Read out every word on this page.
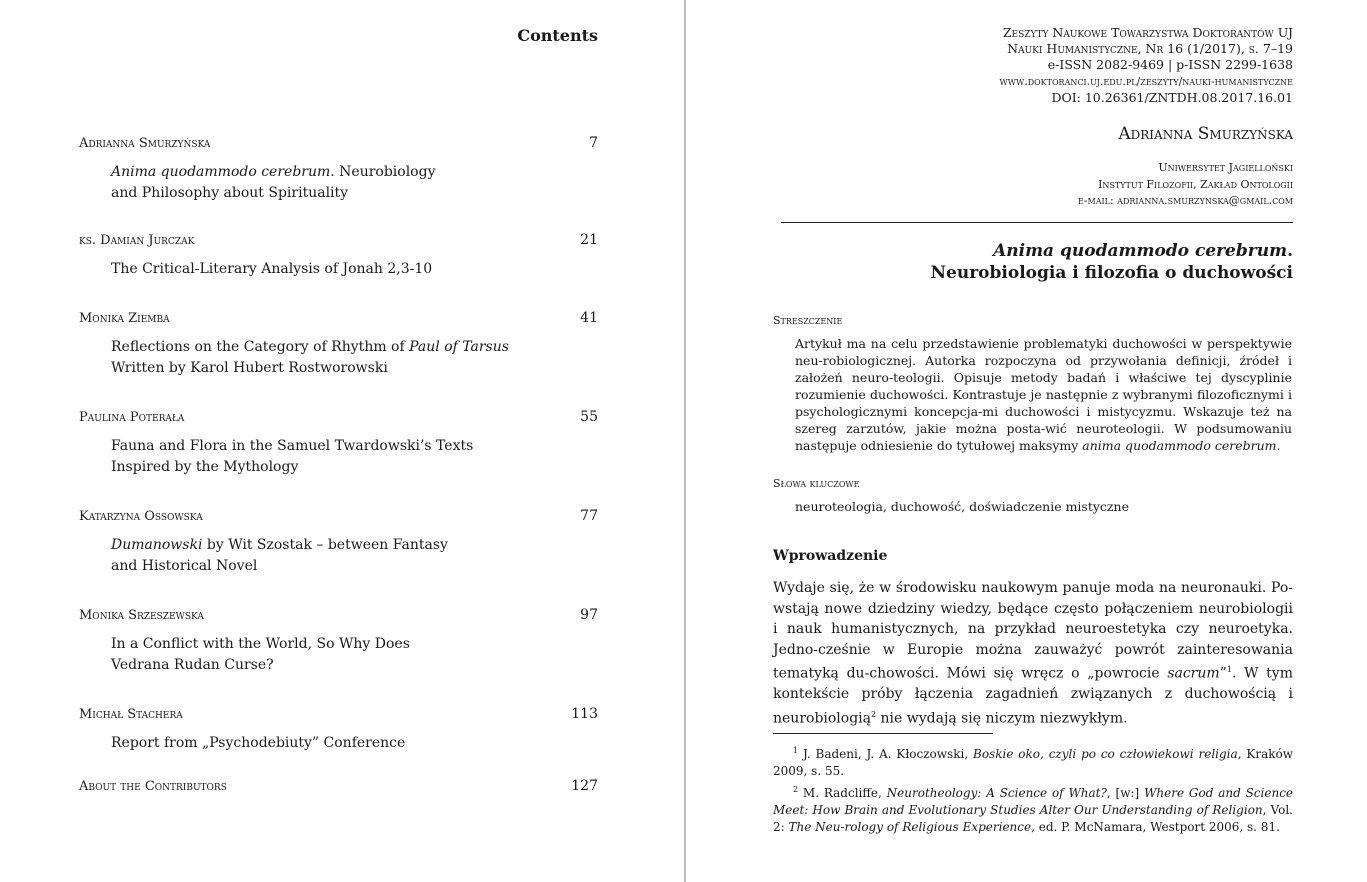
Contents
Adrianna Smurzyńska	7
Anima quodammodo cerebrum. Neurobiology
and Philosophy about Spirituality
ks. Damian Jurczak	21
The Critical-Literary Analysis of Jonah 2,3-10
Monika Ziemba	41
Reflections on the Category of Rhythm of Paul of Tarsus
Written by Karol Hubert Rostworowski
Paulina Poterała	55
Fauna and Flora in the Samuel Twardowski’s Texts
Inspired by the Mythology
Katarzyna Ossowska	77
Dumanowski by Wit Szostak – between Fantasy
and Historical Novel
Monika Srzeszewska	97
In a Conflict with the World, So Why Does
Vedrana Rudan Curse?
Michał Stachera	113
Report from „Psychodebiuty” Conference
About the Contributors	127
Zeszyty Naukowe Towarzystwa Doktorantów UJ
Nauki Humanistyczne, Nr 16 (1/2017), s. 7–19
e-ISSN 2082-9469 | p-ISSN 2299-1638
www.doktoranci.uj.edu.pl/zeszyty/nauki-humanistyczne
DOI: 10.26361/ZNTDH.08.2017.16.01
Adrianna Smurzyńska
Uniwersytet Jagielloński
Instytut Filozofii, Zakład Ontologii
e-mail: adrianna.smurzynska@gmail.com
Anima quodammodo cerebrum.
Neurobiologia i filozofia o duchowości
Streszczenie
Artykuł ma na celu przedstawienie problematyki duchowości w perspektywie neu-robiologicznej. Autorka rozpoczyna od przywołania definicji, źródeł i założeń neuro-teologii. Opisuje metody badań i właściwe tej dyscyplinie rozumienie duchowości. Kontrastuje je następnie z wybranymi filozoficznymi i psychologicznymi koncepcja-mi duchowości i mistycyzmu. Wskazuje też na szereg zarzutów, jakie można posta-wić neuroteologii. W podsumowaniu następuje odniesienie do tytułowej maksymy anima quodammodo cerebrum.
Słowa kluczowe
neuroteologia, duchowość, doświadczenie mistyczne
Wprowadzenie
Wydaje się, że w środowisku naukowym panuje moda na neuronauki. Po-wstają nowe dziedziny wiedzy, będące często połączeniem neurobiologii i nauk humanistycznych, na przykład neuroestetyka czy neuroetyka. Jedno-cześnie w Europie można zauważyć powrót zainteresowania tematyką du-chowości. Mówi się wręcz o „powrocie sacrum”$^1$. W tym kontekście próby łączenia zagadnień związanych z duchowością i neurobiologią$^2$ nie wydają się niczym niezwykłym.

$^1$ J. Badeni, J. A. Kłoczowski, Boskie oko, czyli po co człowiekowi religia, Kraków 2009, s. 55.

$^2$ M. Radcliffe, Neurotheology: A Science of What?, [w:] Where God and Science Meet: How Brain and Evolutionary Studies Alter Our Understanding of Religion, Vol. 2: The Neu-rology of Religious Experience, ed. P. McNamara, Westport 2006, s. 81.
